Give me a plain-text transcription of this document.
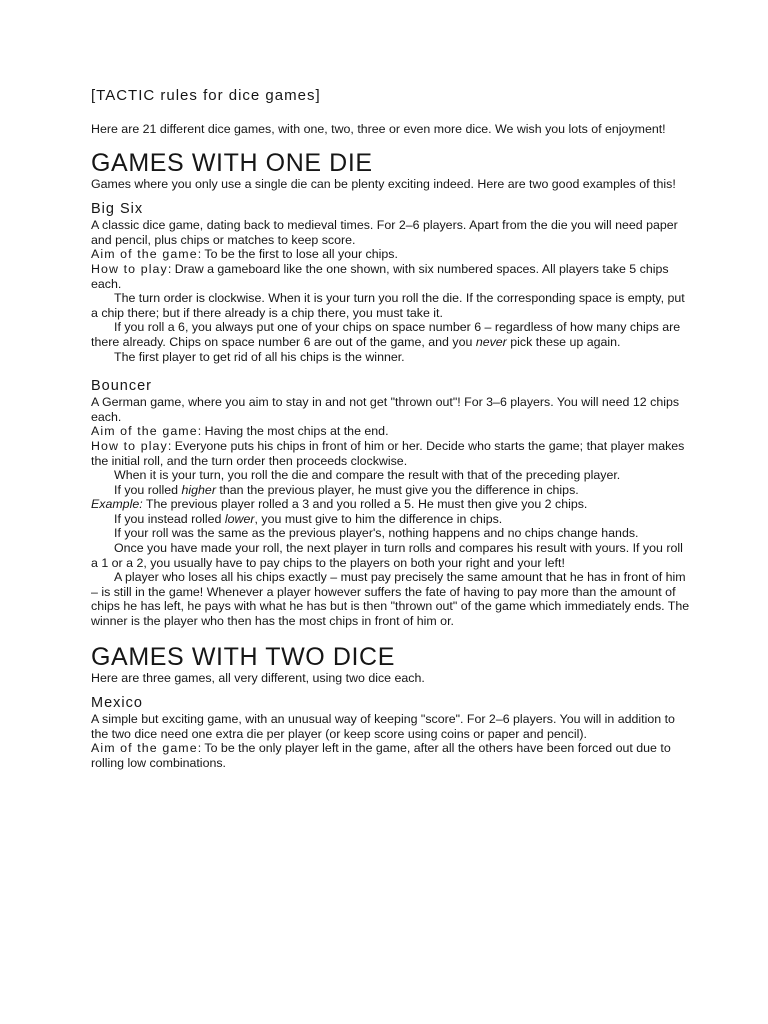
[TACTIC rules for dice games]

Here are 21 different dice games, with one, two, three or even more dice. We wish you lots of enjoyment!

GAMES WITH ONE DIE

Games where you only use a single die can be plenty exciting indeed. Here are two good examples of this!

Big Six

A classic dice game, dating back to medieval times. For 2–6 players. Apart from the die you will need paper and pencil, plus chips or matches to keep score.

Aim of the game: To be the first to lose all your chips.

How to play: Draw a gameboard like the one shown, with six numbered spaces. All players take 5 chips each.

The turn order is clockwise. When it is your turn you roll the die. If the corresponding space is empty, put a chip there; but if there already is a chip there, you must take it.

If you roll a 6, you always put one of your chips on space number 6 – regardless of how many chips are there already. Chips on space number 6 are out of the game, and you never pick these up again.

The first player to get rid of all his chips is the winner.

Bouncer

A German game, where you aim to stay in and not get "thrown out"! For 3–6 players. You will need 12 chips each.

Aim of the game: Having the most chips at the end.

How to play: Everyone puts his chips in front of him or her. Decide who starts the game; that player makes the initial roll, and the turn order then proceeds clockwise.

When it is your turn, you roll the die and compare the result with that of the preceding player.

If you rolled higher than the previous player, he must give you the difference in chips.

Example: The previous player rolled a 3 and you rolled a 5. He must then give you 2 chips.

If you instead rolled lower, you must give to him the difference in chips.

If your roll was the same as the previous player's, nothing happens and no chips change hands.

Once you have made your roll, the next player in turn rolls and compares his result with yours. If you roll a 1 or a 2, you usually have to pay chips to the players on both your right and your left!

A player who loses all his chips exactly – must pay precisely the same amount that he has in front of him – is still in the game! Whenever a player however suffers the fate of having to pay more than the amount of chips he has left, he pays with what he has but is then "thrown out" of the game which immediately ends. The winner is the player who then has the most chips in front of him or.

GAMES WITH TWO DICE

Here are three games, all very different, using two dice each.

Mexico

A simple but exciting game, with an unusual way of keeping "score". For 2–6 players. You will in addition to the two dice need one extra die per player (or keep score using coins or paper and pencil).

Aim of the game: To be the only player left in the game, after all the others have been forced out due to rolling low combinations.
